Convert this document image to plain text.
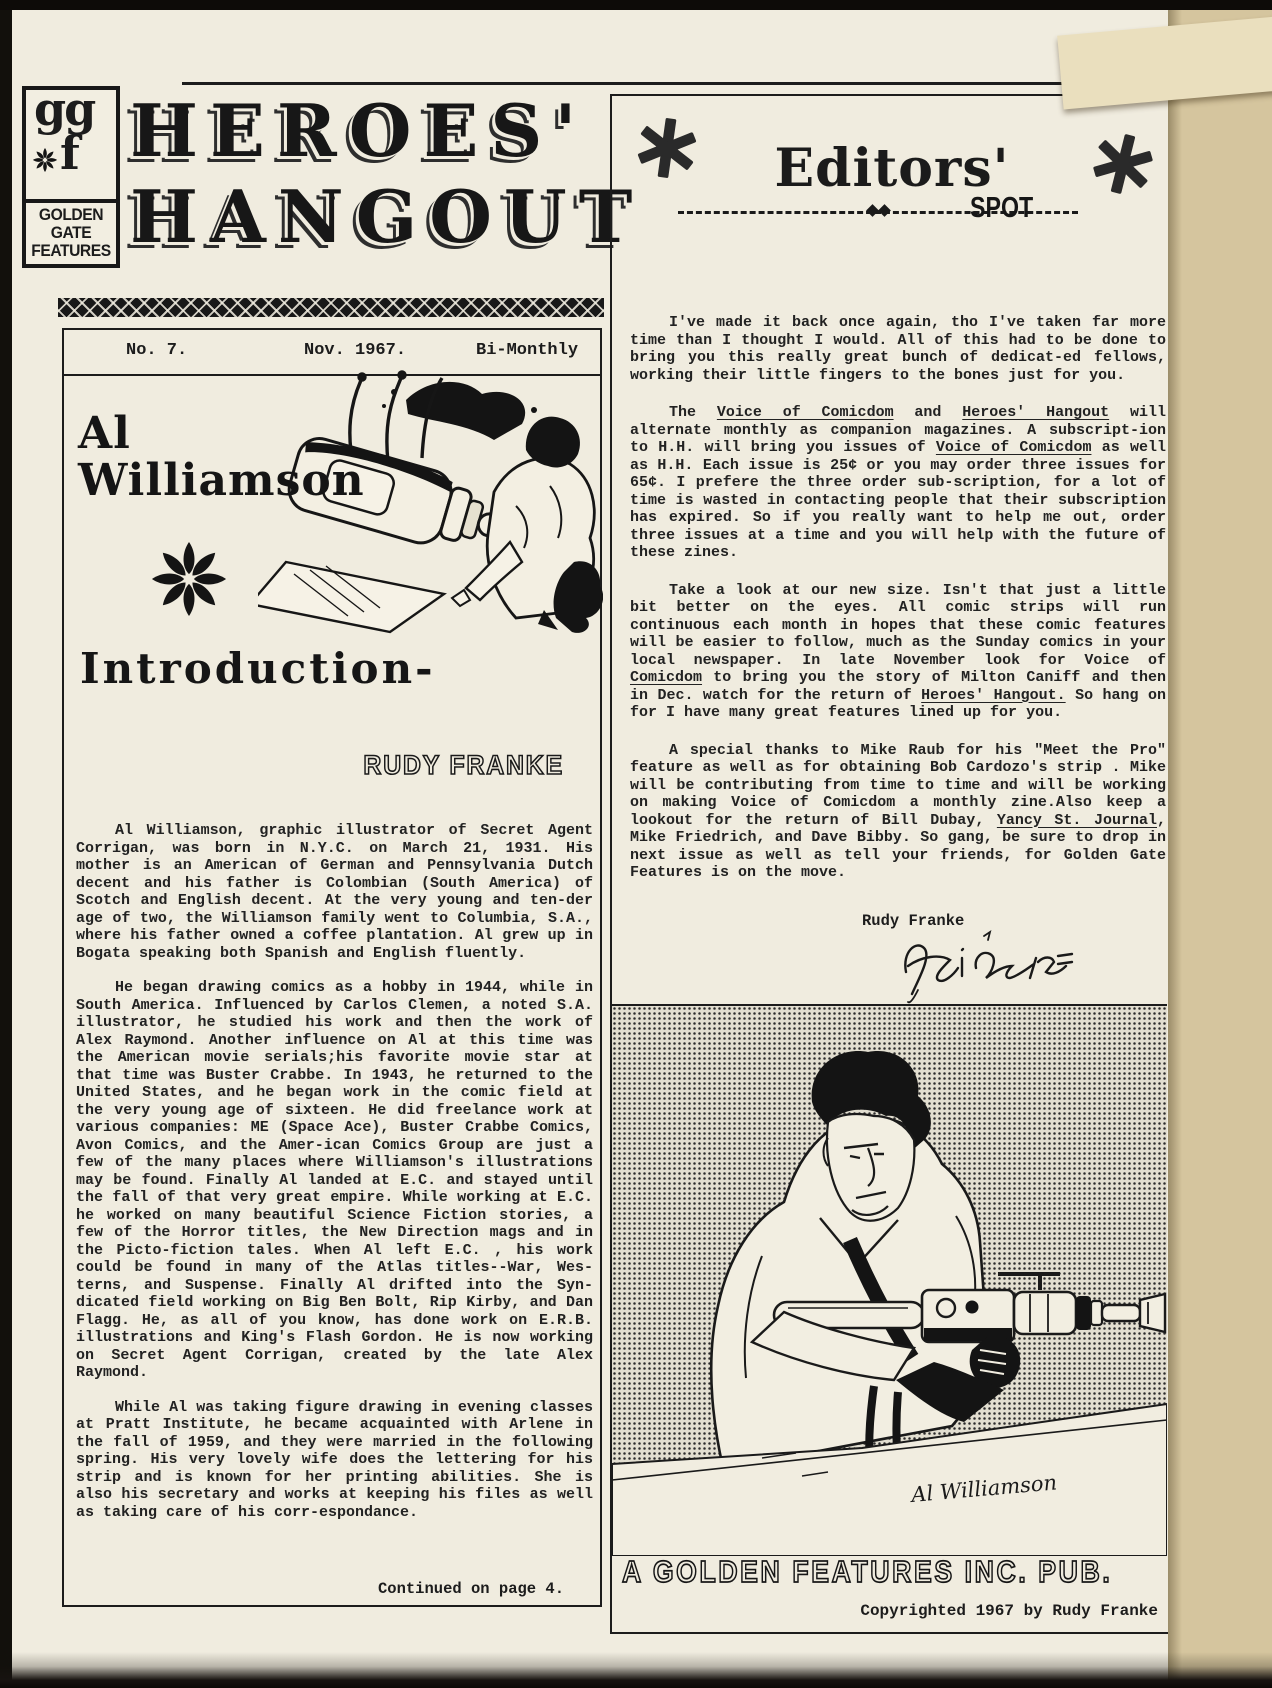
gg
f
GOLDEN
GATE
FEATURES
HEROES'
HANGOUT
No. 7.	Nov. 1967.	Bi-Monthly
Al
Williamson
Introduction-
RUDY FRANKE

Al Williamson, graphic illustrator of Secret Agent Corrigan, was born in N.Y.C. on March 21, 1931. His mother is an American of German and Pennsylvania Dutch decent and his father is Colombian (South America) of Scotch and English decent. At the very young and ten-der age of two, the Williamson family went to Columbia, S.A., where his father owned a coffee plantation. Al grew up in Bogata speaking both Spanish and English fluently.

He began drawing comics as a hobby in 1944, while in South America. Influenced by Carlos Clemen, a noted S.A. illustrator, he studied his work and then the work of Alex Raymond. Another influence on Al at this time was the American movie serials;his favorite movie star at that time was Buster Crabbe. In 1943, he returned to the United States, and he began work in the comic field at the very young age of sixteen. He did freelance work at various companies: ME (Space Ace), Buster Crabbe Comics, Avon Comics, and the Amer-ican Comics Group are just a few of the many places where Williamson's illustrations may be found. Finally Al landed at E.C. and stayed until the fall of that very great empire. While working at E.C. he worked on many beautiful Science Fiction stories, a few of the Horror titles, the New Direction mags and in the Picto-fiction tales. When Al left E.C. , his work could be found in many of the Atlas titles--War, Wes-terns, and Suspense. Finally Al drifted into the Syn-dicated field working on Big Ben Bolt, Rip Kirby, and Dan Flagg. He, as all of you know, has done work on E.R.B. illustrations and King's Flash Gordon. He is now working on Secret Agent Corrigan, created by the late Alex Raymond.

While Al was taking figure drawing in evening classes at Pratt Institute, he became acquainted with Arlene in the fall of 1959, and they were married in the following spring. His very lovely wife does the lettering for his strip and is known for her printing abilities. She is also his secretary and works at keeping his files as well as taking care of his corr-espondance.

Continued on page 4.
Editors'
SPOT

I've made it back once again, tho I've taken far more time than I thought I would. All of this had to be done to bring you this really great bunch of dedicat-ed fellows, working their little fingers to the bones just for you.

The Voice of Comicdom and Heroes' Hangout will alternate monthly as companion magazines. A subscript-ion to H.H. will bring you issues of Voice of Comicdom as well as H.H. Each issue is 25¢ or you may order three issues for 65¢. I prefere the three order sub-scription, for a lot of time is wasted in contacting people that their subscription has expired. So if you really want to help me out, order three issues at a time and you will help with the future of these zines.

Take a look at our new size. Isn't that just a little bit better on the eyes. All comic strips will run continuous each month in hopes that these comic features will be easier to follow, much as the Sunday comics in your local newspaper. In late November look for Voice of Comicdom to bring you the story of Milton Caniff and then in Dec. watch for the return of Heroes' Hangout. So hang on for I have many great features lined up for you.

A special thanks to Mike Raub for his "Meet the Pro" feature as well as for obtaining Bob Cardozo's strip . Mike will be contributing from time to time and will be working on making Voice of Comicdom a monthly zine.Also keep a lookout for the return of Bill Dubay, Yancy St. Journal, Mike Friedrich, and Dave Bibby. So gang, be sure to drop in next issue as well as tell your friends, for Golden Gate Features is on the move.

Rudy Franke
Al Williamson
A GOLDEN FEATURES INC. PUB.
Copyrighted 1967 by Rudy Franke
